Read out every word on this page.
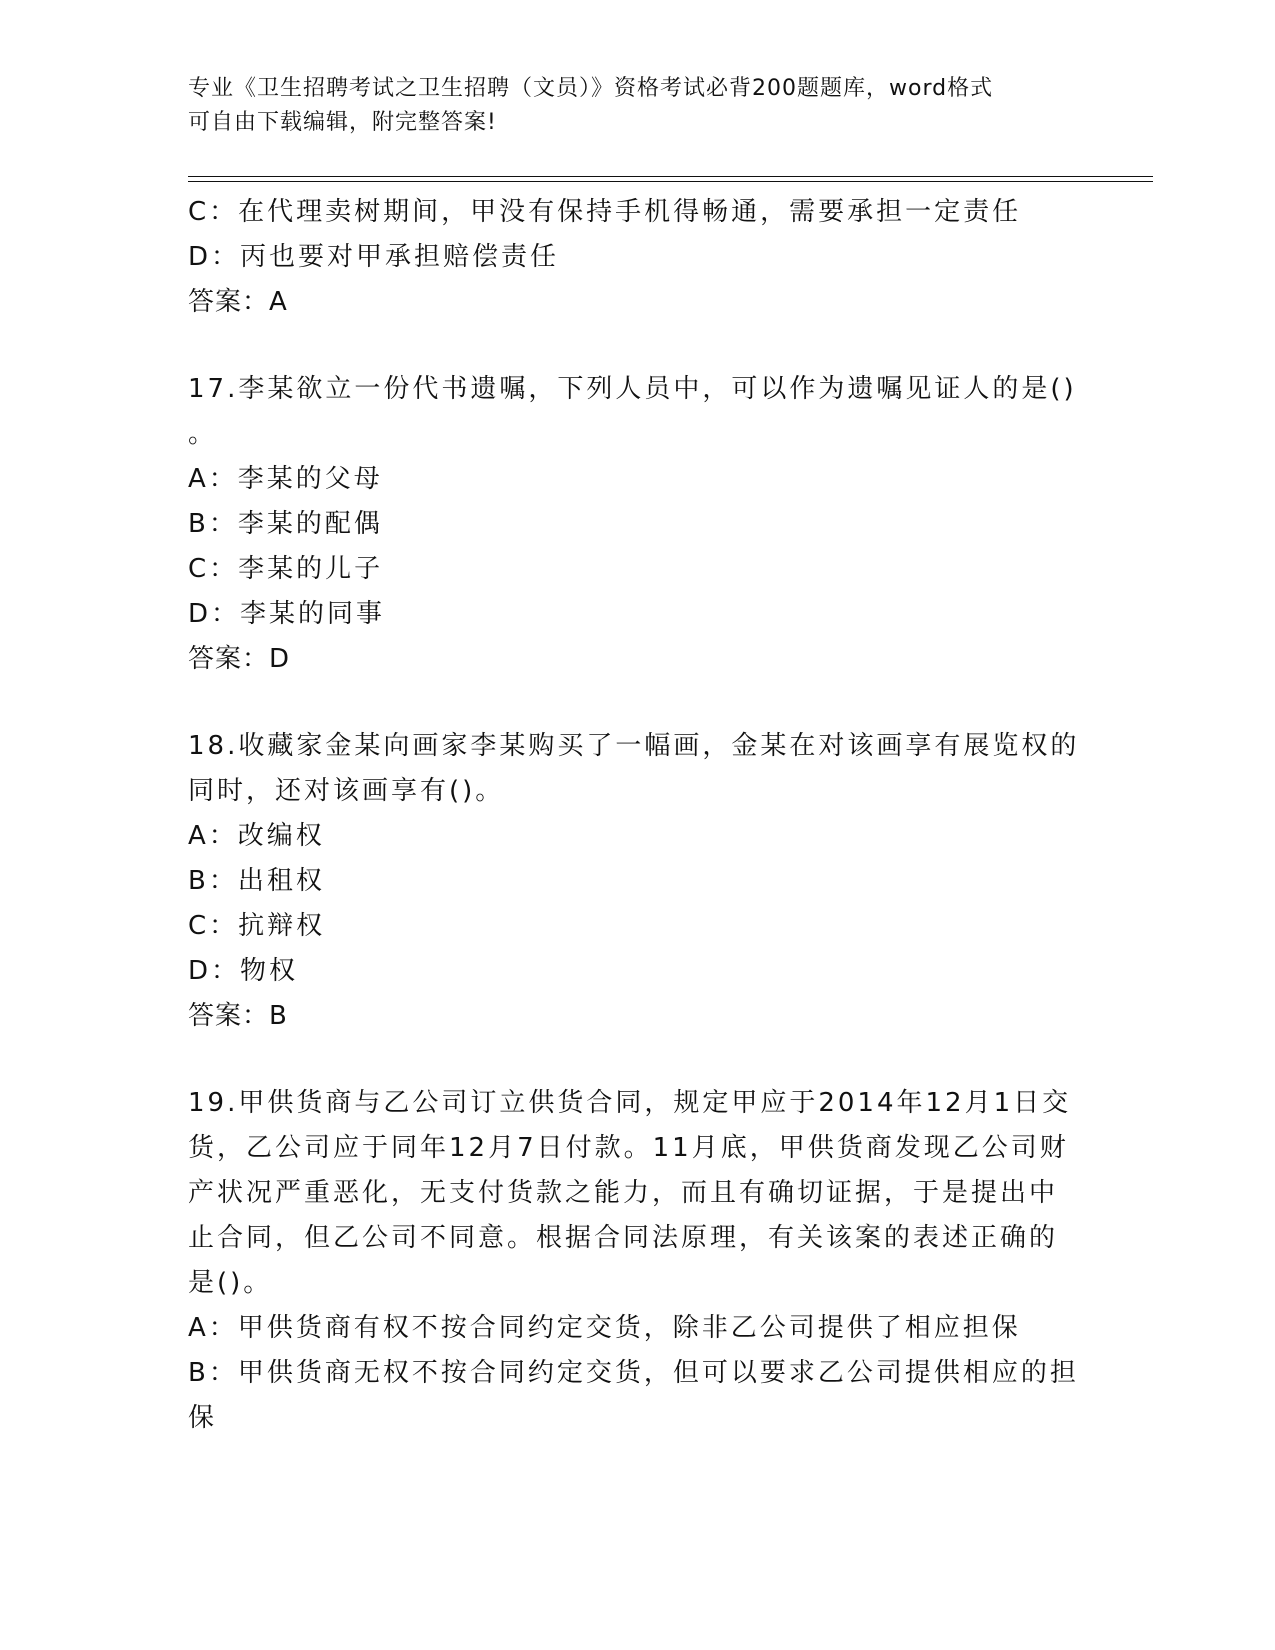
专业《卫生招聘考试之卫生招聘（文员）》资格考试必背200题题库，word格式
可自由下载编辑，附完整答案!
C：在代理卖树期间，甲没有保持手机得畅通，需要承担一定责任
D：丙也要对甲承担赔偿责任
答案：A
17.李某欲立一份代书遗嘱，下列人员中，可以作为遗嘱见证人的是()
。
A：李某的父母
B：李某的配偶
C：李某的儿子
D：李某的同事
答案：D
18.收藏家金某向画家李某购买了一幅画，金某在对该画享有展览权的
同时，还对该画享有()。
A：改编权
B：出租权
C：抗辩权
D：物权
答案：B
19.甲供货商与乙公司订立供货合同，规定甲应于2014年12月1日交
货，乙公司应于同年12月7日付款。11月底，甲供货商发现乙公司财
产状况严重恶化，无支付货款之能力，而且有确切证据，于是提出中
止合同，但乙公司不同意。根据合同法原理，有关该案的表述正确的
是()。
A：甲供货商有权不按合同约定交货，除非乙公司提供了相应担保
B：甲供货商无权不按合同约定交货，但可以要求乙公司提供相应的担
保
